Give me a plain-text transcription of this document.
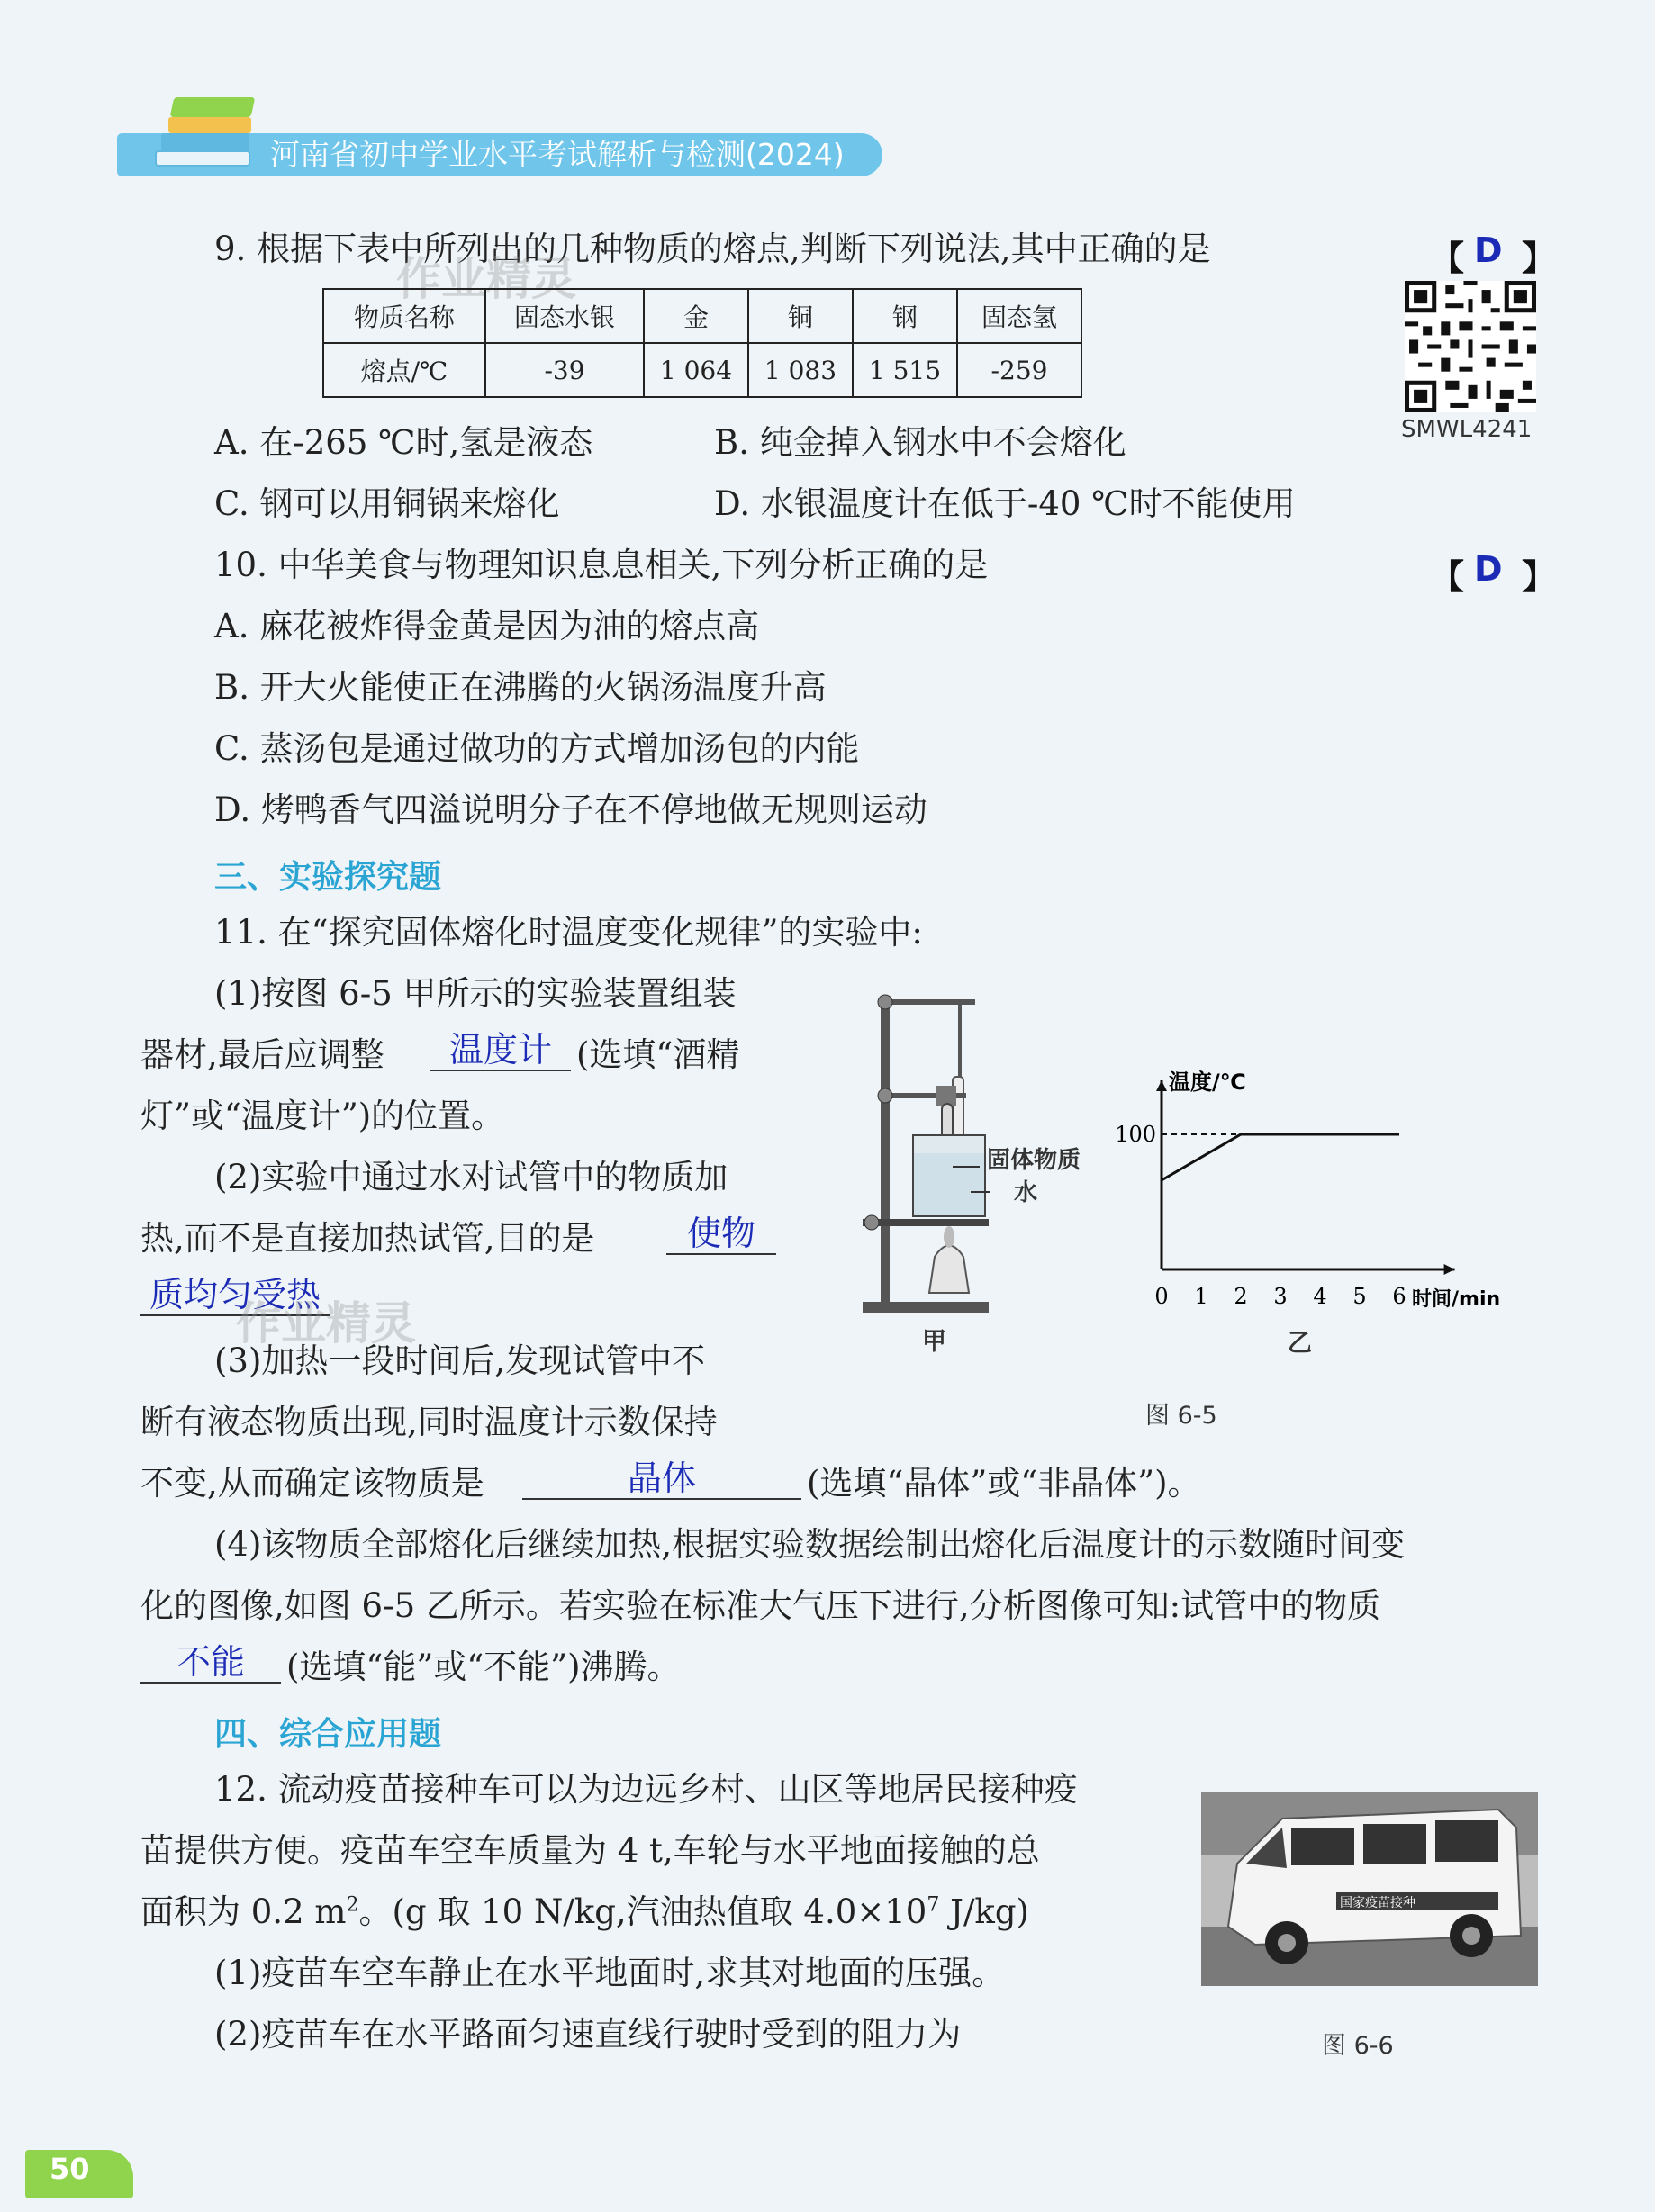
河南省初中学业水平考试解析与检测(2024)
9. 根据下表中所列出的几种物质的熔点,判断下列说法,其中正确的是	【 D 】
作业精灵
物质名称	固态水银	金	铜	钢	固态氢
熔点/℃	-39	1 064	1 083	1 515	-259
SMWL4241
A. 在-265 ℃时,氢是液态	B. 纯金掉入钢水中不会熔化
C. 钢可以用铜锅来熔化	D. 水银温度计在低于-40 ℃时不能使用
10. 中华美食与物理知识息息相关,下列分析正确的是	【 D 】
A. 麻花被炸得金黄是因为油的熔点高
B. 开大火能使正在沸腾的火锅汤温度升高
C. 蒸汤包是通过做功的方式增加汤包的内能
D. 烤鸭香气四溢说明分子在不停地做无规则运动
三、实验探究题
11. 在“探究固体熔化时温度变化规律”的实验中:
(1)按图 6-5 甲所示的实验装置组装
器材,最后应调整	温度计 (选填“酒精
灯”或“温度计”)的位置。
(2)实验中通过水对试管中的物质加
热,而不是直接加热试管,目的是	使物
质均匀受热
作业精灵
(3)加热一段时间后,发现试管中不
断有液态物质出现,同时温度计示数保持
不变,从而确定该物质是	晶体	(选填“晶体”或“非晶体”)。
(4)该物质全部熔化后继续加热,根据实验数据绘制出熔化后温度计的示数随时间变
化的图像,如图 6-5 乙所示。若实验在标准大气压下进行,分析图像可知:试管中的物质
不能	(选填“能”或“不能”)沸腾。
固体物质
水
甲
温度/℃
时间/min
0 1 2 3 4 5 6
100
乙
图 6-5
四、综合应用题
12. 流动疫苗接种车可以为边远乡村、山区等地居民接种疫
苗提供方便。疫苗车空车质量为 4 t,车轮与水平地面接触的总
面积为 0.2 $m^2$。(g 取 10 N/kg,汽油热值取 $4.0\times 10^7$ J/kg)
(1)疫苗车空车静止在水平地面时,求其对地面的压强。
(2)疫苗车在水平路面匀速直线行驶时受到的阻力为
国家疫苗接种
图 6-6
50
